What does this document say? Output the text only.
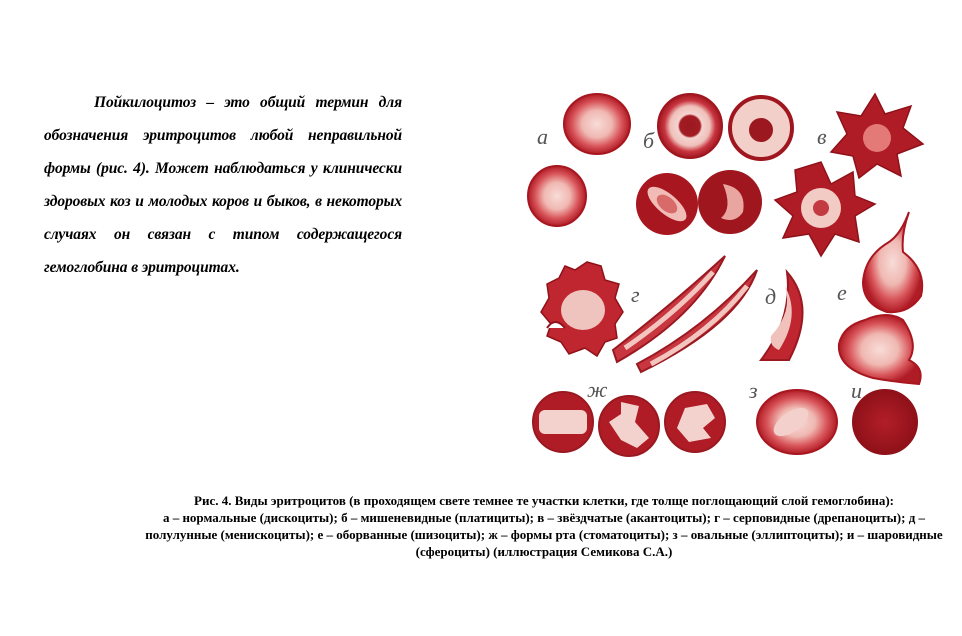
Пойкилоцитоз – это общий термин для обозначения эритроцитов любой неправильной формы (рис. 4). Может наблюдаться у клинически здоровых коз и молодых коров и быков, в некоторых случаях он связан с типом содержащегося гемоглобина в эритроцитах.
а	б	в
г	д	е
ж	з	и

Рис. 4. Виды эритроцитов (в проходящем свете темнее те участки клетки, где толще поглощающий слой гемоглобина):

а – нормальные (дискоциты); б – мишеневидные (платициты); в – звёздчатые (акантоциты); г – серповидные (дрепаноциты); д – полулунные (менискоциты); е – оборванные (шизоциты); ж – формы рта (стоматоциты); з – овальные (эллиптоциты); и – шаровидные (сфероциты) (иллюстрация Семикова С.А.)
